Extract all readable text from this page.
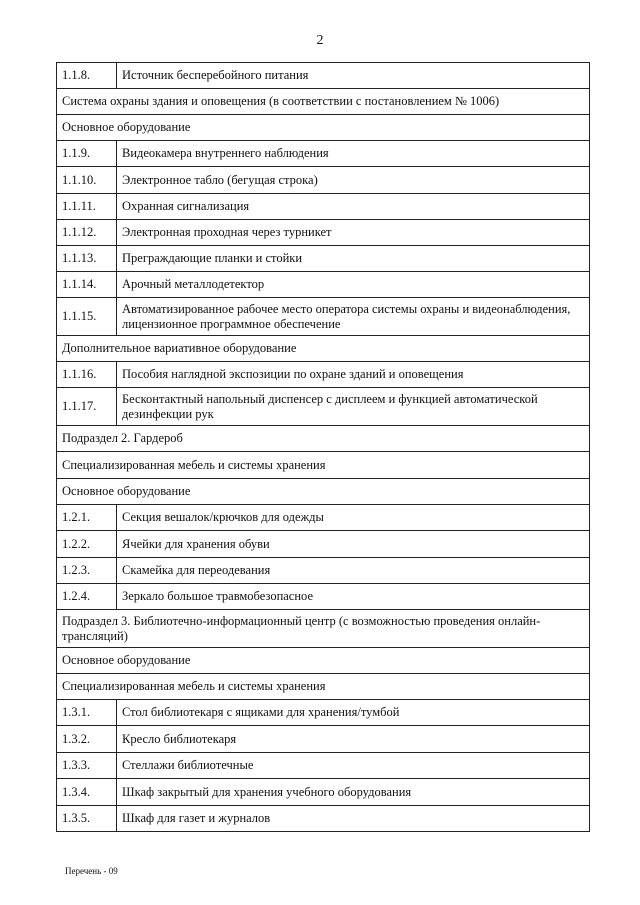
2
1.1.8.	Источник бесперебойного питания
Система охраны здания и оповещения (в соответствии с постановлением № 1006)	
Основное оборудование	
1.1.9.	Видеокамера внутреннего наблюдения
1.1.10.	Электронное табло (бегущая строка)
1.1.11.	Охранная сигнализация
1.1.12.	Электронная проходная через турникет
1.1.13.	Преграждающие планки и стойки
1.1.14.	Арочный металлодетектор
1.1.15.	Автоматизированное рабочее место оператора системы охраны и видеонаблюдения, лицензионное программное обеспечение
Дополнительное вариативное оборудование	
1.1.16.	Пособия наглядной экспозиции по охране зданий и оповещения
1.1.17.	Бесконтактный напольный диспенсер с дисплеем и функцией автоматической дезинфекции рук
Подраздел 2. Гардероб	
Специализированная мебель и системы хранения	
Основное оборудование	
1.2.1.	Секция вешалок/крючков для одежды
1.2.2.	Ячейки для хранения обуви
1.2.3.	Скамейка для переодевания
1.2.4.	Зеркало большое травмобезопасное
Подраздел 3. Библиотечно-информационный центр (с возможностью проведения онлайн-трансляций)	
Основное оборудование	
Специализированная мебель и системы хранения	
1.3.1.	Стол библиотекаря с ящиками для хранения/тумбой
1.3.2.	Кресло библиотекаря
1.3.3.	Стеллажи библиотечные
1.3.4.	Шкаф закрытый для хранения учебного оборудования
1.3.5.	Шкаф для газет и журналов
Перечень - 09
